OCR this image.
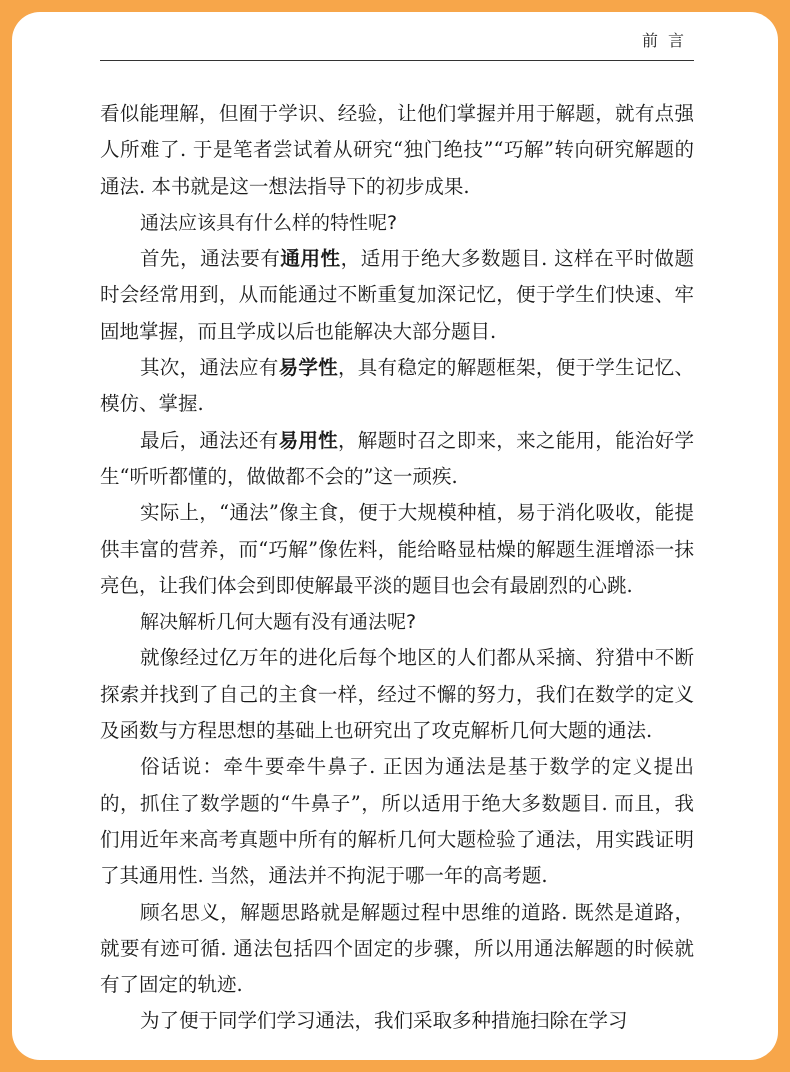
前言

看似能理解，但囿于学识、经验，让他们掌握并用于解题，就有点强人所难了. 于是笔者尝试着从研究“独门绝技”“巧解”转向研究解题的通法. 本书就是这一想法指导下的初步成果.

通法应该具有什么样的特性呢?

首先，通法要有通用性，适用于绝大多数题目. 这样在平时做题时会经常用到，从而能通过不断重复加深记忆，便于学生们快速、牢固地掌握，而且学成以后也能解决大部分题目.

其次，通法应有易学性，具有稳定的解题框架，便于学生记忆、模仿、掌握.

最后，通法还有易用性，解题时召之即来，来之能用，能治好学生“听听都懂的，做做都不会的”这一顽疾.

实际上，“通法”像主食，便于大规模种植，易于消化吸收，能提供丰富的营养，而“巧解”像佐料，能给略显枯燥的解题生涯增添一抹亮色，让我们体会到即使解最平淡的题目也会有最剧烈的心跳.

解决解析几何大题有没有通法呢?

就像经过亿万年的进化后每个地区的人们都从采摘、狩猎中不断探索并找到了自己的主食一样，经过不懈的努力，我们在数学的定义及函数与方程思想的基础上也研究出了攻克解析几何大题的通法.

俗话说：牵牛要牵牛鼻子. 正因为通法是基于数学的定义提出的，抓住了数学题的“牛鼻子”，所以适用于绝大多数题目. 而且，我们用近年来高考真题中所有的解析几何大题检验了通法，用实践证明了其通用性. 当然，通法并不拘泥于哪一年的高考题.

顾名思义，解题思路就是解题过程中思维的道路. 既然是道路，就要有迹可循. 通法包括四个固定的步骤，所以用通法解题的时候就有了固定的轨迹.

为了便于同学们学习通法，我们采取多种措施扫除在学习
